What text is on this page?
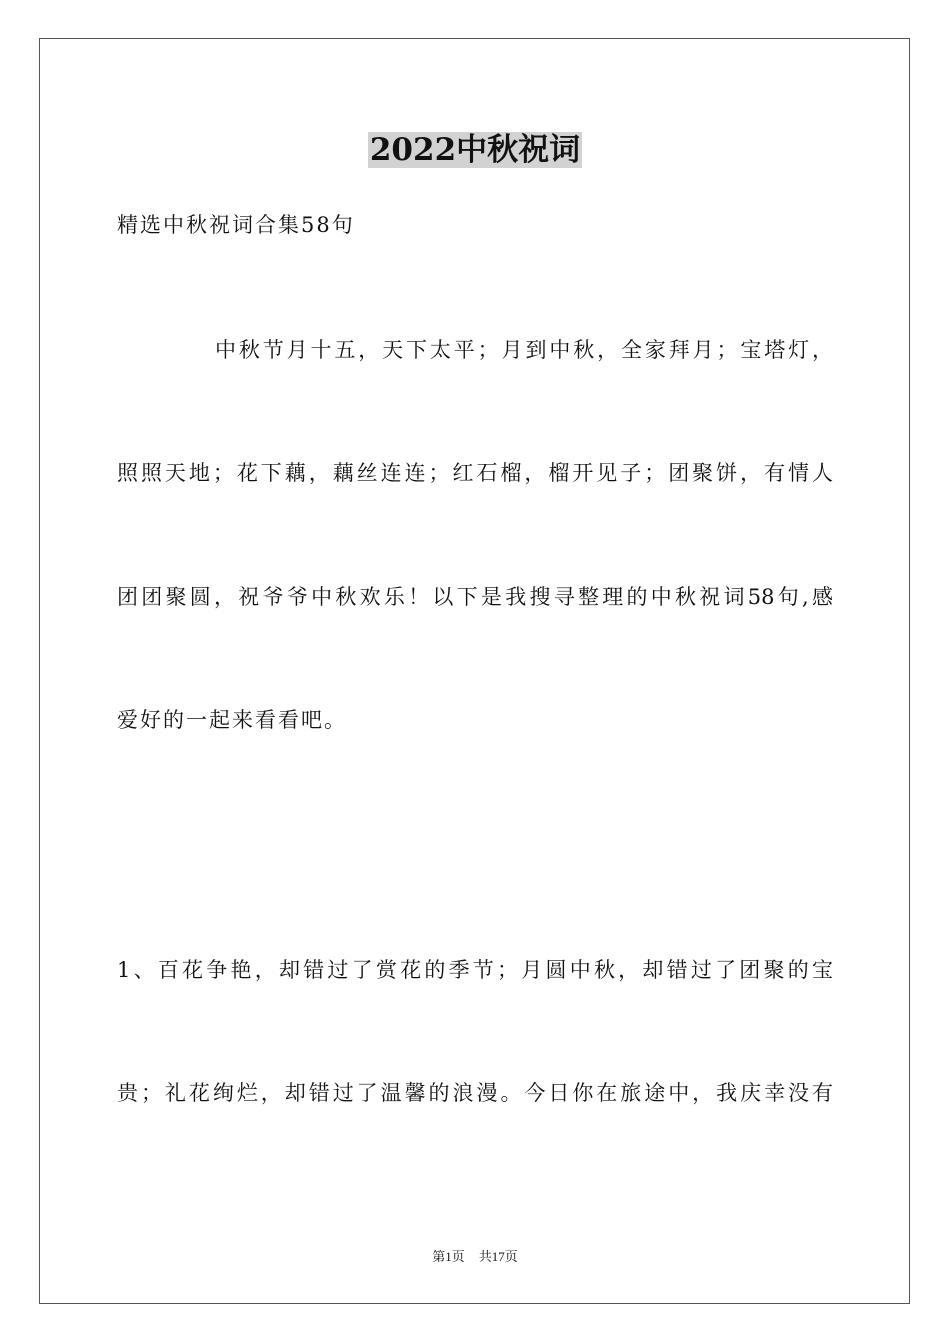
2022中秋祝词
精选中秋祝词合集58句
中秋节月十五，天下太平；月到中秋，全家拜月；宝塔灯，
照照天地；花下藕，藕丝连连；红石榴，榴开见子；团聚饼，有情人
团团聚圆，祝爷爷中秋欢乐！以下是我搜寻整理的中秋祝词58句,感
爱好的一起来看看吧。
1、百花争艳，却错过了赏花的季节；月圆中秋，却错过了团聚的宝
贵；礼花绚烂，却错过了温馨的浪漫。今日你在旅途中，我庆幸没有
第1页 共17页
